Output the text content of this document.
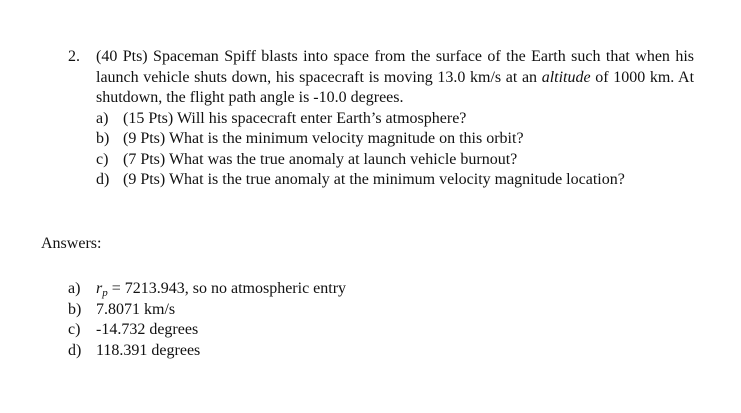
2. (40 Pts) Spaceman Spiff blasts into space from the surface of the Earth such that when his launch vehicle shuts down, his spacecraft is moving 13.0 km/s at an altitude of 1000 km. At shutdown, the flight path angle is -10.0 degrees.
a) (15 Pts) Will his spacecraft enter Earth’s atmosphere?
b) (9 Pts) What is the minimum velocity magnitude on this orbit?
c) (7 Pts) What was the true anomaly at launch vehicle burnout?
d) (9 Pts) What is the true anomaly at the minimum velocity magnitude location?
Answers:
a) rp = 7213.943, so no atmospheric entry
b) 7.8071 km/s
c) -14.732 degrees
d) 118.391 degrees
